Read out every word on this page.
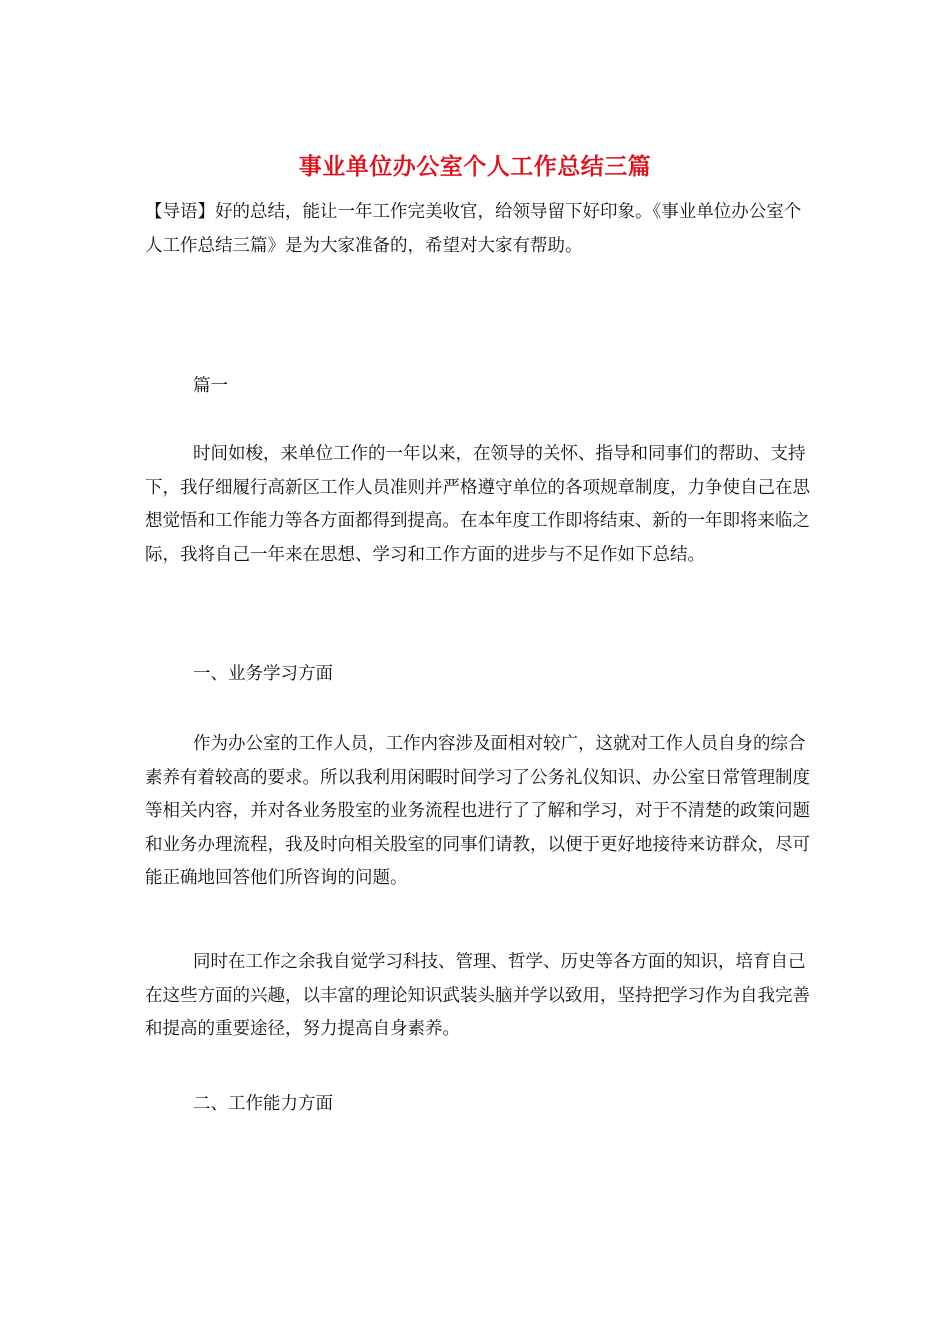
事业单位办公室个人工作总结三篇

【导语】好的总结，能让一年工作完美收官，给领导留下好印象。《事业单位办公室个人工作总结三篇》是为大家准备的，希望对大家有帮助。

篇一

时间如梭，来单位工作的一年以来，在领导的关怀、指导和同事们的帮助、支持下，我仔细履行高新区工作人员准则并严格遵守单位的各项规章制度，力争使自己在思想觉悟和工作能力等各方面都得到提高。在本年度工作即将结束、新的一年即将来临之际，我将自己一年来在思想、学习和工作方面的进步与不足作如下总结。

一、业务学习方面

作为办公室的工作人员，工作内容涉及面相对较广，这就对工作人员自身的综合素养有着较高的要求。所以我利用闲暇时间学习了公务礼仪知识、办公室日常管理制度等相关内容，并对各业务股室的业务流程也进行了了解和学习，对于不清楚的政策问题和业务办理流程，我及时向相关股室的同事们请教，以便于更好地接待来访群众，尽可能正确地回答他们所咨询的问题。

同时在工作之余我自觉学习科技、管理、哲学、历史等各方面的知识，培育自己在这些方面的兴趣，以丰富的理论知识武装头脑并学以致用，坚持把学习作为自我完善和提高的重要途径，努力提高自身素养。

二、工作能力方面
